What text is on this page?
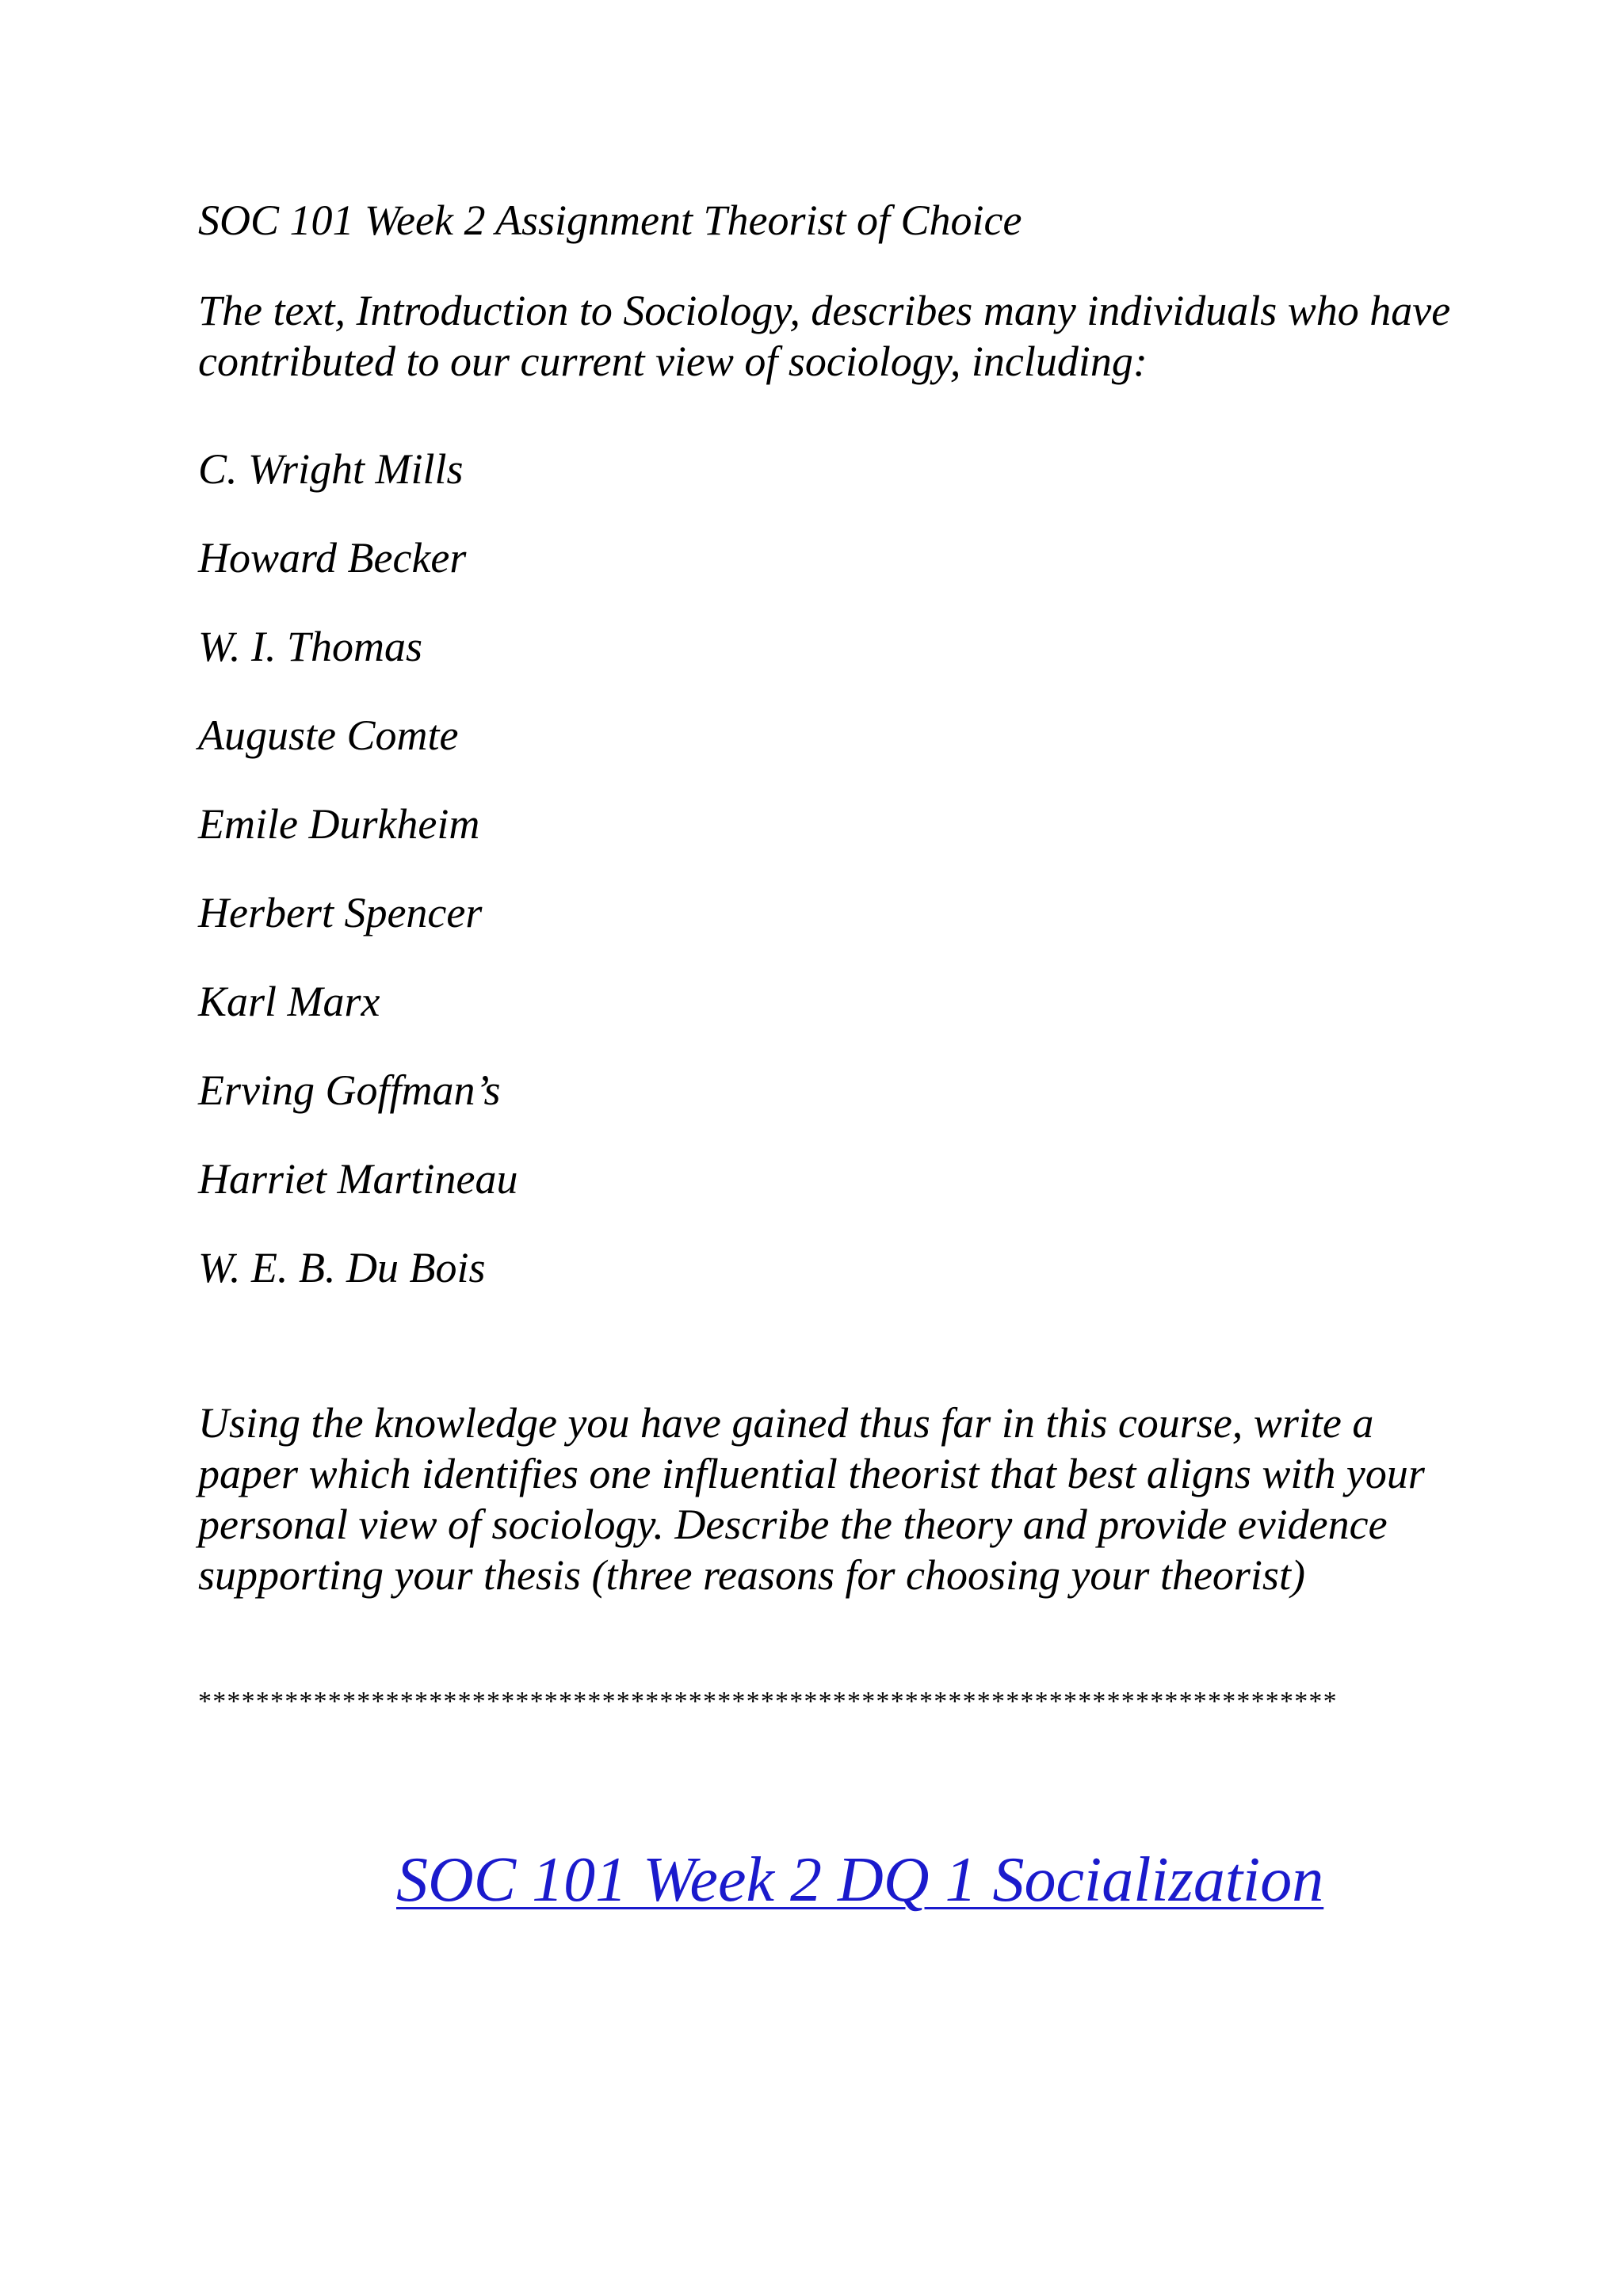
SOC 101 Week 2 Assignment Theorist of Choice

The text, Introduction to Sociology, describes many individuals who have contributed to our current view of sociology, including:

C. Wright Mills

Howard Becker

W. I. Thomas

Auguste Comte

Emile Durkheim

Herbert Spencer

Karl Marx

Erving Goffman’s

Harriet Martineau

W. E. B. Du Bois

Using the knowledge you have gained thus far in this course, write a paper which identifies one influential theorist that best aligns with your personal view of sociology. Describe the theory and provide evidence supporting your thesis (three reasons for choosing your theorist)

*******************************************************************************

SOC 101 Week 2 DQ 1 Socialization
